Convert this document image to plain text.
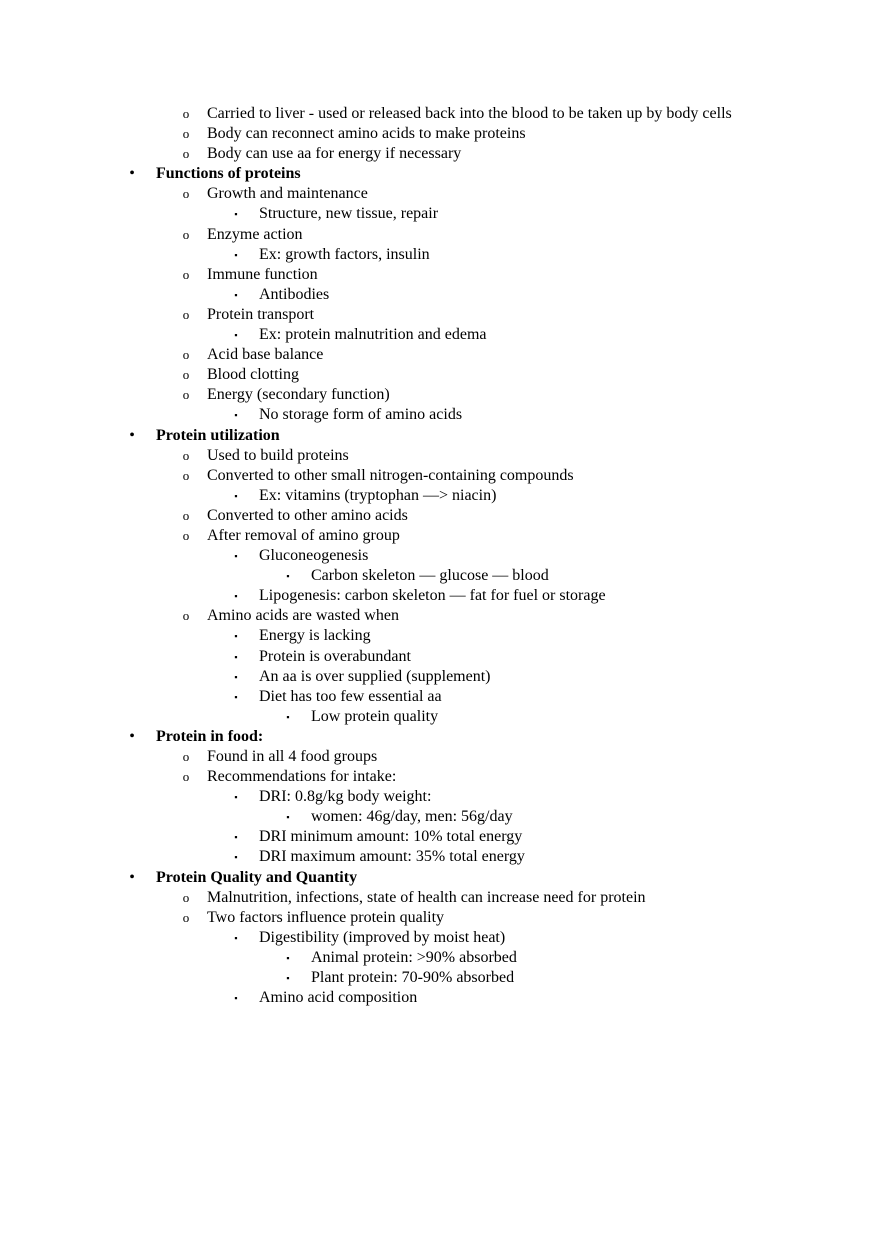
o Carried to liver - used or released back into the blood to be taken up by body cells
o Body can reconnect amino acids to make proteins
o Body can use aa for energy if necessary
•	Functions of proteins
o Growth and maintenance
▪	Structure, new tissue, repair
o Enzyme action
▪	Ex: growth factors, insulin
o Immune function
▪	Antibodies
o Protein transport
▪	Ex: protein malnutrition and edema
o Acid base balance
o Blood clotting
o Energy (secondary function)
▪	No storage form of amino acids
•	Protein utilization
o Used to build proteins
o Converted to other small nitrogen-containing compounds
▪	Ex: vitamins (tryptophan —> niacin)
o Converted to other amino acids
o After removal of amino group
▪	Gluconeogenesis
▪	Carbon skeleton — glucose — blood
▪	Lipogenesis: carbon skeleton — fat for fuel or storage
o Amino acids are wasted when
▪	Energy is lacking
▪	Protein is overabundant
▪	An aa is over supplied (supplement)
▪	Diet has too few essential aa
▪	Low protein quality
•	Protein in food:
o Found in all 4 food groups
o Recommendations for intake:
▪	DRI: 0.8g/kg body weight:
▪	women: 46g/day, men: 56g/day
▪	DRI minimum amount: 10% total energy
▪	DRI maximum amount: 35% total energy
•	Protein Quality and Quantity
o Malnutrition, infections, state of health can increase need for protein
o Two factors influence protein quality
▪	Digestibility (improved by moist heat)
▪	Animal protein: >90% absorbed
▪	Plant protein: 70-90% absorbed
▪	Amino acid composition
